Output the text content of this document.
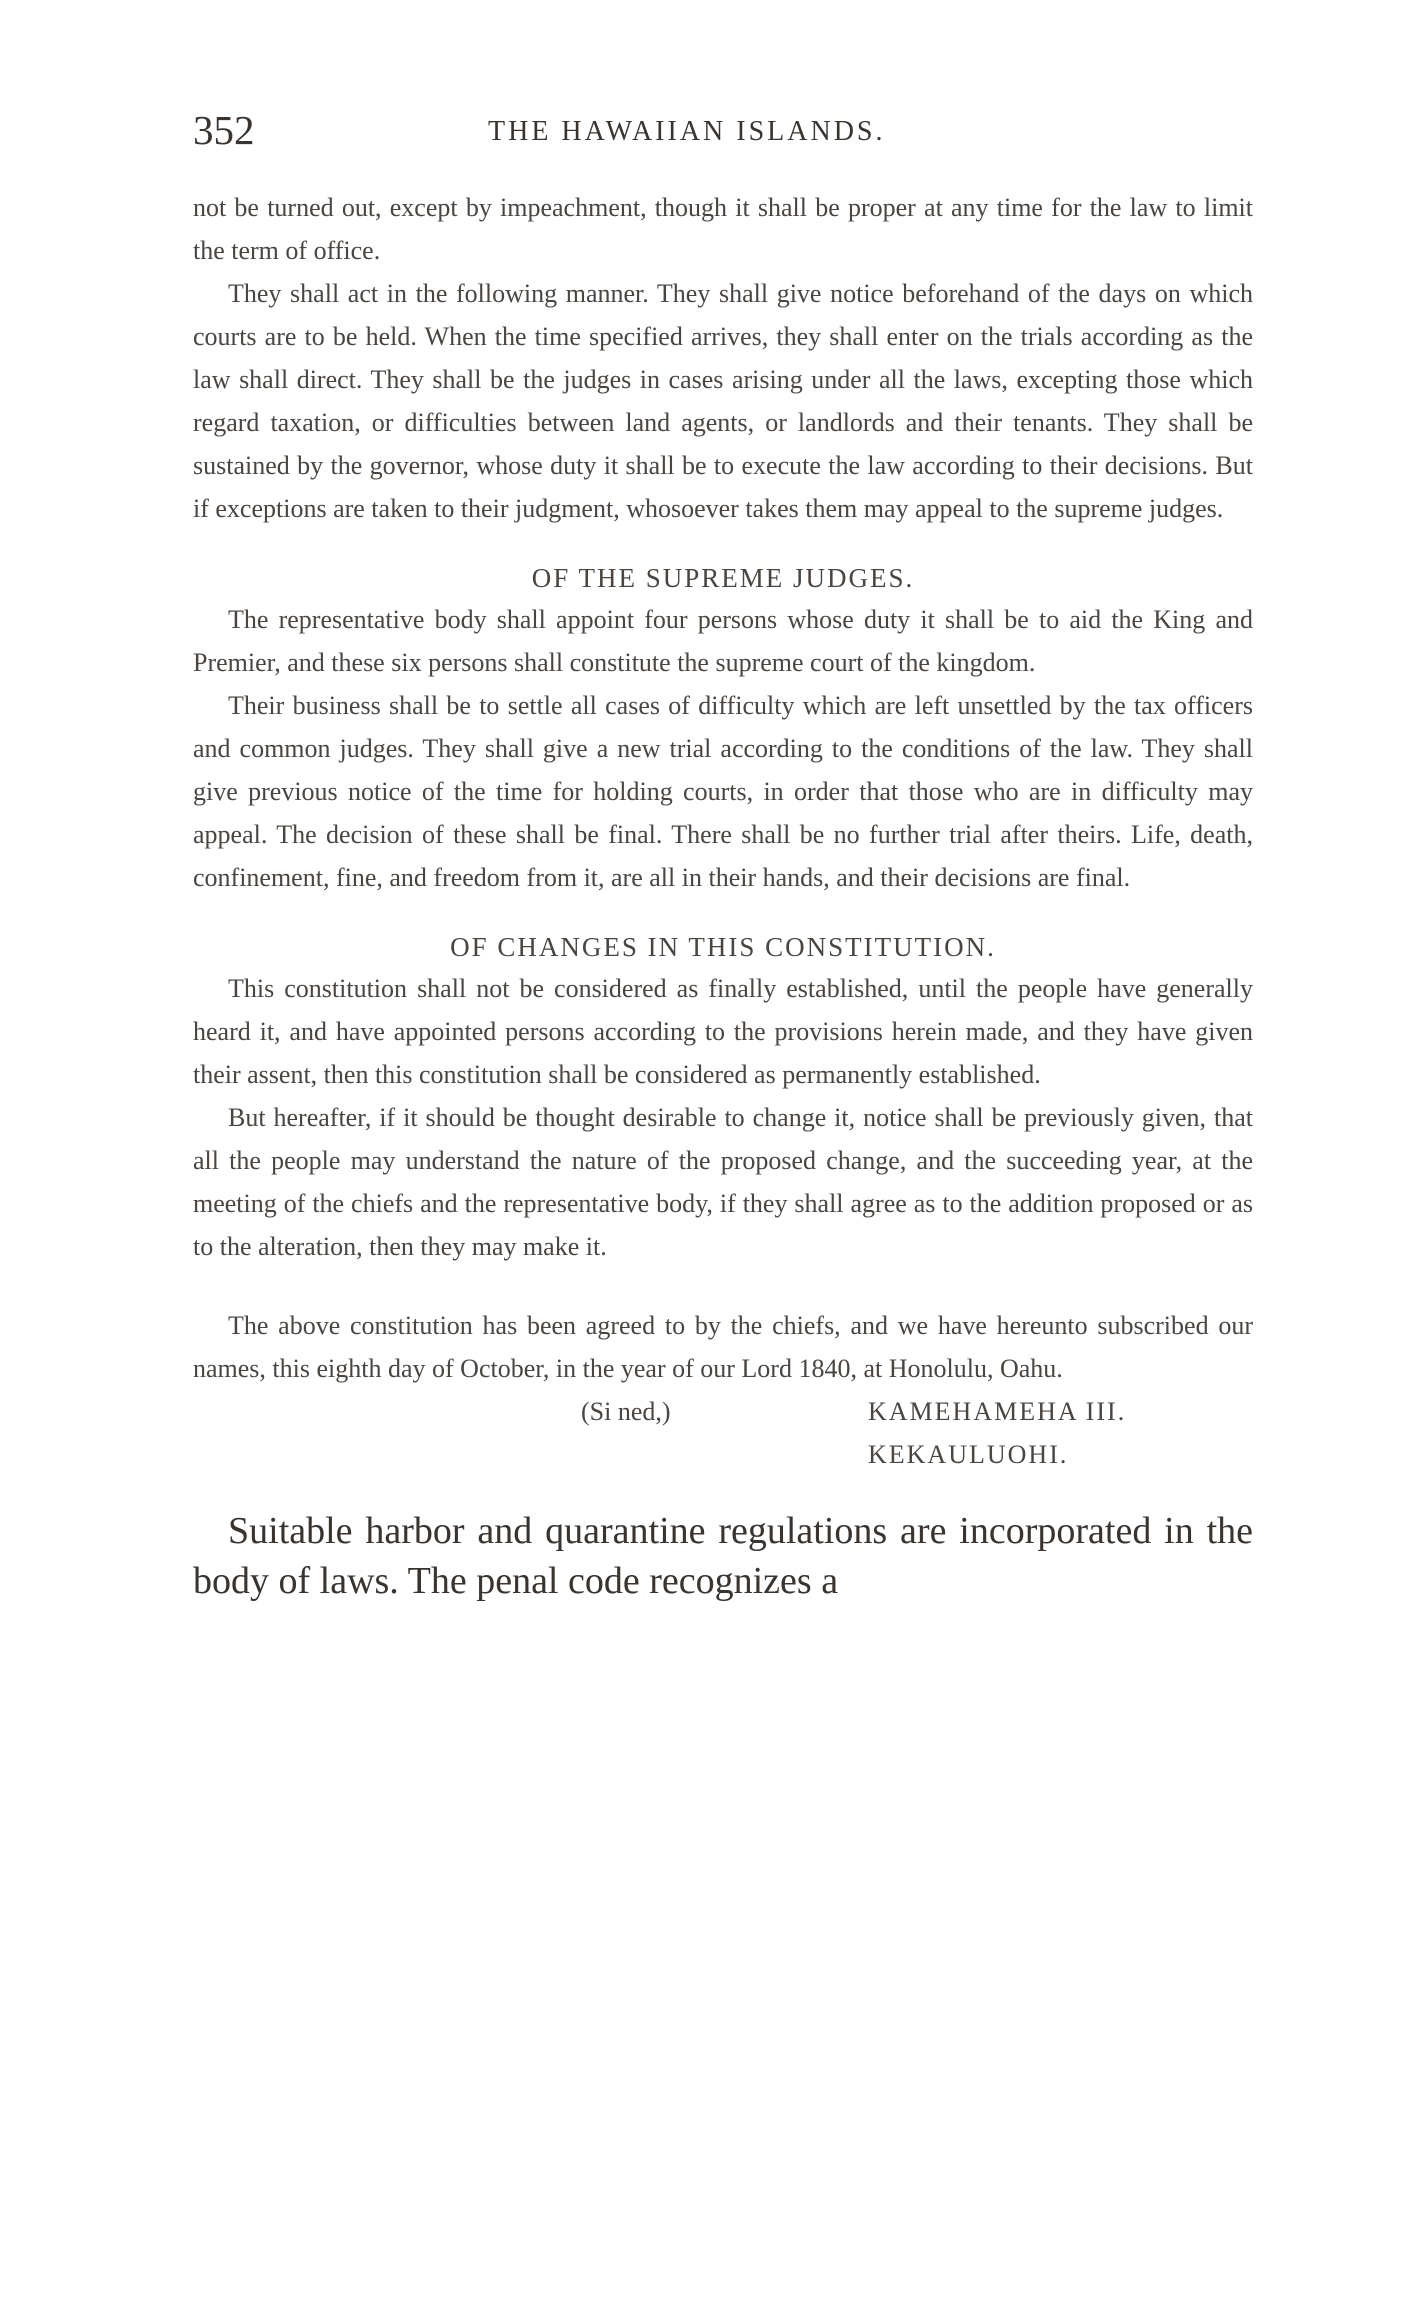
352	THE HAWAIIAN ISLANDS.

not be turned out, except by impeachment, though it shall be proper at any time for the law to limit the term of office.

They shall act in the following manner. They shall give notice beforehand of the days on which courts are to be held. When the time specified arrives, they shall enter on the trials according as the law shall direct. They shall be the judges in cases arising under all the laws, excepting those which regard taxation, or difficulties between land agents, or landlords and their tenants. They shall be sustained by the governor, whose duty it shall be to execute the law according to their decisions. But if exceptions are taken to their judgment, whosoever takes them may appeal to the supreme judges.

OF THE SUPREME JUDGES.

The representative body shall appoint four persons whose duty it shall be to aid the King and Premier, and these six persons shall constitute the supreme court of the kingdom.

Their business shall be to settle all cases of difficulty which are left unsettled by the tax officers and common judges. They shall give a new trial according to the conditions of the law. They shall give previous notice of the time for holding courts, in order that those who are in difficulty may appeal. The decision of these shall be final. There shall be no further trial after theirs. Life, death, confinement, fine, and freedom from it, are all in their hands, and their decisions are final.

OF CHANGES IN THIS CONSTITUTION.

This constitution shall not be considered as finally established, until the people have generally heard it, and have appointed persons according to the provisions herein made, and they have given their assent, then this constitution shall be considered as permanently established.

But hereafter, if it should be thought desirable to change it, notice shall be previously given, that all the people may understand the nature of the proposed change, and the succeeding year, at the meeting of the chiefs and the representative body, if they shall agree as to the addition proposed or as to the alteration, then they may make it.

The above constitution has been agreed to by the chiefs, and we have hereunto subscribed our names, this eighth day of October, in the year of our Lord 1840, at Honolulu, Oahu.

(Si ned,)	KAMEHAMEHA III.
KEKAULUOHI.

Suitable harbor and quarantine regulations are incorporated in the body of laws. The penal code recognizes a
